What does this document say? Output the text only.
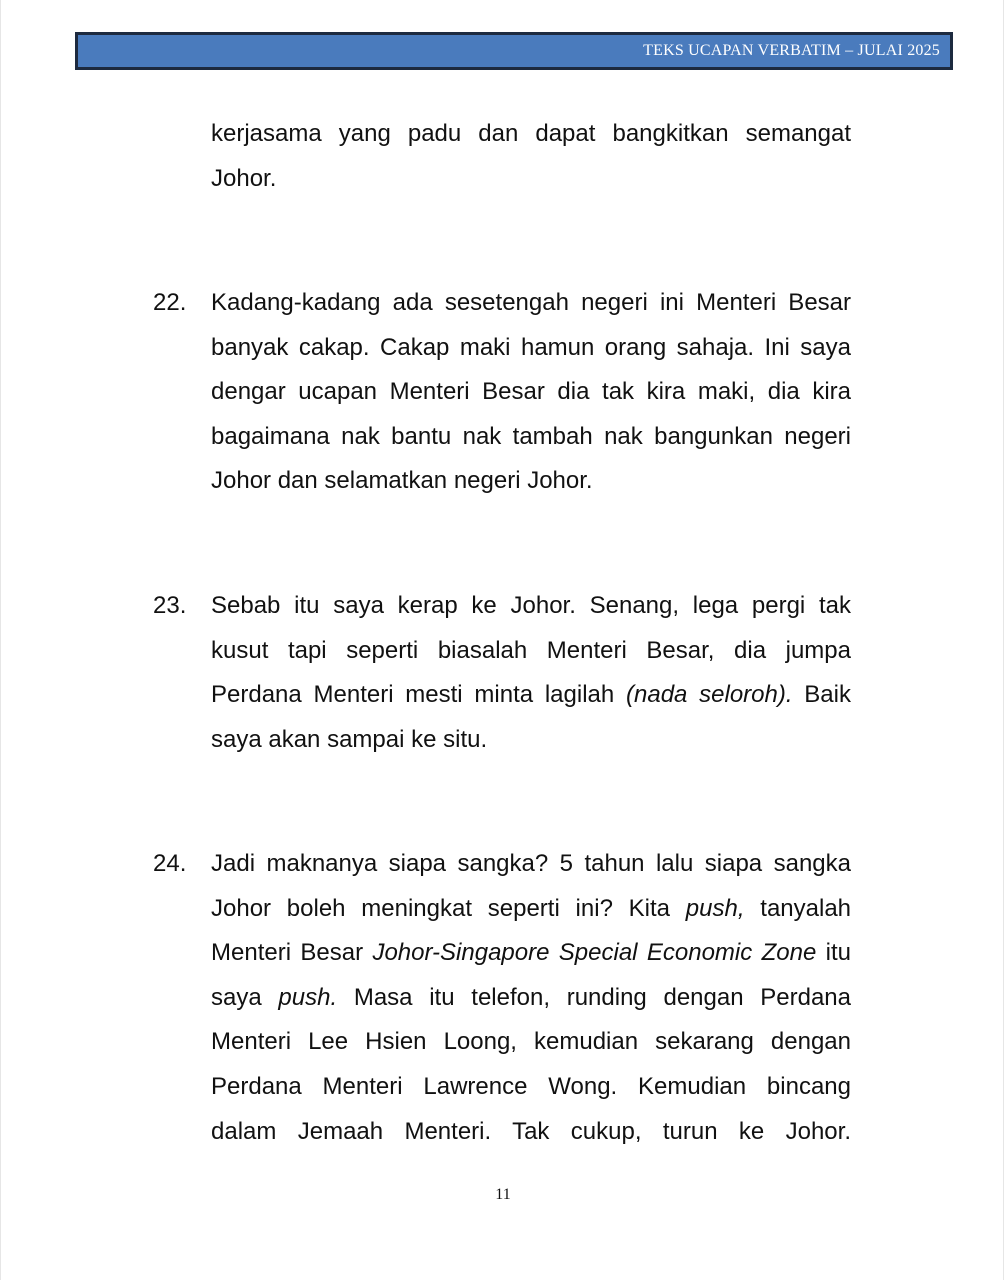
TEKS UCAPAN VERBATIM – JULAI 2025
kerjasama yang padu dan dapat bangkitkan semangat Johor.
22. Kadang-kadang ada sesetengah negeri ini Menteri Besar banyak cakap. Cakap maki hamun orang sahaja. Ini saya dengar ucapan Menteri Besar dia tak kira maki, dia kira bagaimana nak bantu nak tambah nak bangunkan negeri Johor dan selamatkan negeri Johor.
23. Sebab itu saya kerap ke Johor. Senang, lega pergi tak kusut tapi seperti biasalah Menteri Besar, dia jumpa Perdana Menteri mesti minta lagilah (nada seloroh). Baik saya akan sampai ke situ.
24. Jadi maknanya siapa sangka? 5 tahun lalu siapa sangka Johor boleh meningkat seperti ini? Kita push, tanyalah Menteri Besar Johor-Singapore Special Economic Zone itu saya push. Masa itu telefon, runding dengan Perdana Menteri Lee Hsien Loong, kemudian sekarang dengan Perdana Menteri Lawrence Wong. Kemudian bincang dalam Jemaah Menteri. Tak cukup, turun ke Johor.
11
